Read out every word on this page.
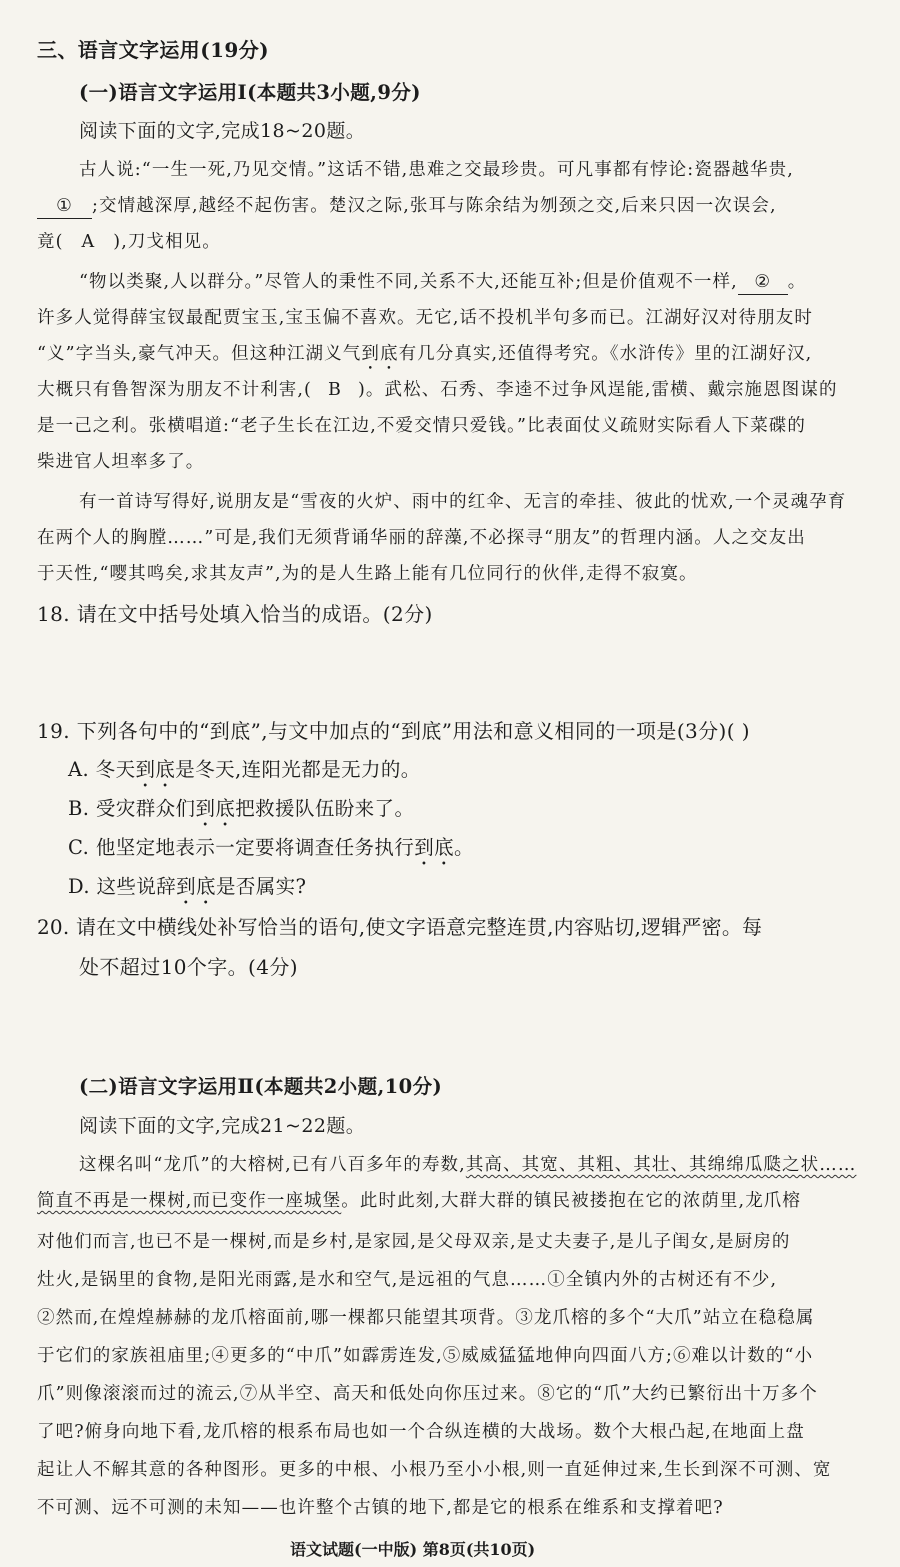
三、语言文字运用(19分)
(一)语言文字运用Ⅰ(本题共3小题,9分)
阅读下面的文字,完成18~20题。
古人说:“一生一死,乃见交情。”这话不错,患难之交最珍贵。可凡事都有悖论:瓷器越华贵,
① ;交情越深厚,越经不起伤害。楚汉之际,张耳与陈余结为刎颈之交,后来只因一次误会,
竟( A ),刀戈相见。
“物以类聚,人以群分。”尽管人的秉性不同,关系不大,还能互补;但是价值观不一样, ② 。
许多人觉得薛宝钗最配贾宝玉,宝玉偏不喜欢。无它,话不投机半句多而已。江湖好汉对待朋友时
“义”字当头,豪气冲天。但这种江湖义气到底有几分真实,还值得考究。《水浒传》里的江湖好汉,
大概只有鲁智深为朋友不计利害,( B )。武松、石秀、李逵不过争风逞能,雷横、戴宗施恩图谋的
是一己之利。张横唱道:“老子生长在江边,不爱交情只爱钱。”比表面仗义疏财实际看人下菜碟的
柴进官人坦率多了。
有一首诗写得好,说朋友是“雪夜的火炉、雨中的红伞、无言的牵挂、彼此的忧欢,一个灵魂孕育
在两个人的胸膛……”可是,我们无须背诵华丽的辞藻,不必探寻“朋友”的哲理内涵。人之交友出
于天性,“嘤其鸣矣,求其友声”,为的是人生路上能有几位同行的伙伴,走得不寂寞。
18. 请在文中括号处填入恰当的成语。(2分)
19. 下列各句中的“到底”,与文中加点的“到底”用法和意义相同的一项是(3分)( )
A. 冬天到底是冬天,连阳光都是无力的。
B. 受灾群众们到底把救援队伍盼来了。
C. 他坚定地表示一定要将调查任务执行到底。
D. 这些说辞到底是否属实?
20. 请在文中横线处补写恰当的语句,使文字语意完整连贯,内容贴切,逻辑严密。每
处不超过10个字。(4分)
(二)语言文字运用Ⅱ(本题共2小题,10分)
阅读下面的文字,完成21~22题。
这棵名叫“龙爪”的大榕树,已有八百多年的寿数,其高、其宽、其粗、其壮、其绵绵瓜瓞之状……
简直不再是一棵树,而已变作一座城堡。此时此刻,大群大群的镇民被搂抱在它的浓荫里,龙爪榕
对他们而言,也已不是一棵树,而是乡村,是家园,是父母双亲,是丈夫妻子,是儿子闺女,是厨房的
灶火,是锅里的食物,是阳光雨露,是水和空气,是远祖的气息……①全镇内外的古树还有不少,
②然而,在煌煌赫赫的龙爪榕面前,哪一棵都只能望其项背。③龙爪榕的多个“大爪”站立在稳稳属
于它们的家族祖庙里;④更多的“中爪”如霹雳连发,⑤威威猛猛地伸向四面八方;⑥难以计数的“小
爪”则像滚滚而过的流云,⑦从半空、高天和低处向你压过来。⑧它的“爪”大约已繁衍出十万多个
了吧?俯身向地下看,龙爪榕的根系布局也如一个合纵连横的大战场。数个大根凸起,在地面上盘
起让人不解其意的各种图形。更多的中根、小根乃至小小根,则一直延伸过来,生长到深不可测、宽
不可测、远不可测的未知——也许整个古镇的地下,都是它的根系在维系和支撑着吧?
语文试题(一中版) 第8页(共10页)
